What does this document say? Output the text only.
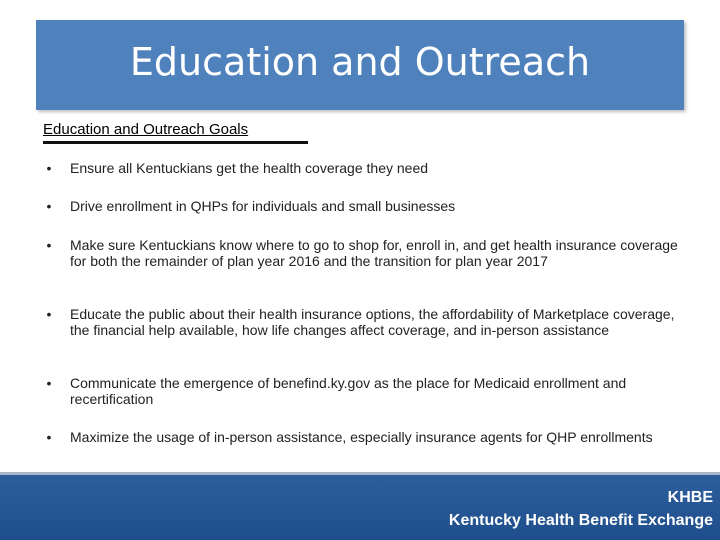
Education and Outreach
Education and Outreach Goals
•	Ensure all Kentuckians get the health coverage they need
•	Drive enrollment in QHPs for individuals and small businesses
•	Make sure Kentuckians know where to go to shop for, enroll in, and get health insurance coverage for both the remainder of plan year 2016 and the transition for plan year 2017
•	Educate the public about their health insurance options, the affordability of Marketplace coverage, the financial help available, how life changes affect coverage, and in-person assistance
•	Communicate the emergence of benefind.ky.gov as the place for Medicaid enrollment and recertification
•	Maximize the usage of in-person assistance, especially insurance agents for QHP enrollments
KHBE
Kentucky Health Benefit Exchange
